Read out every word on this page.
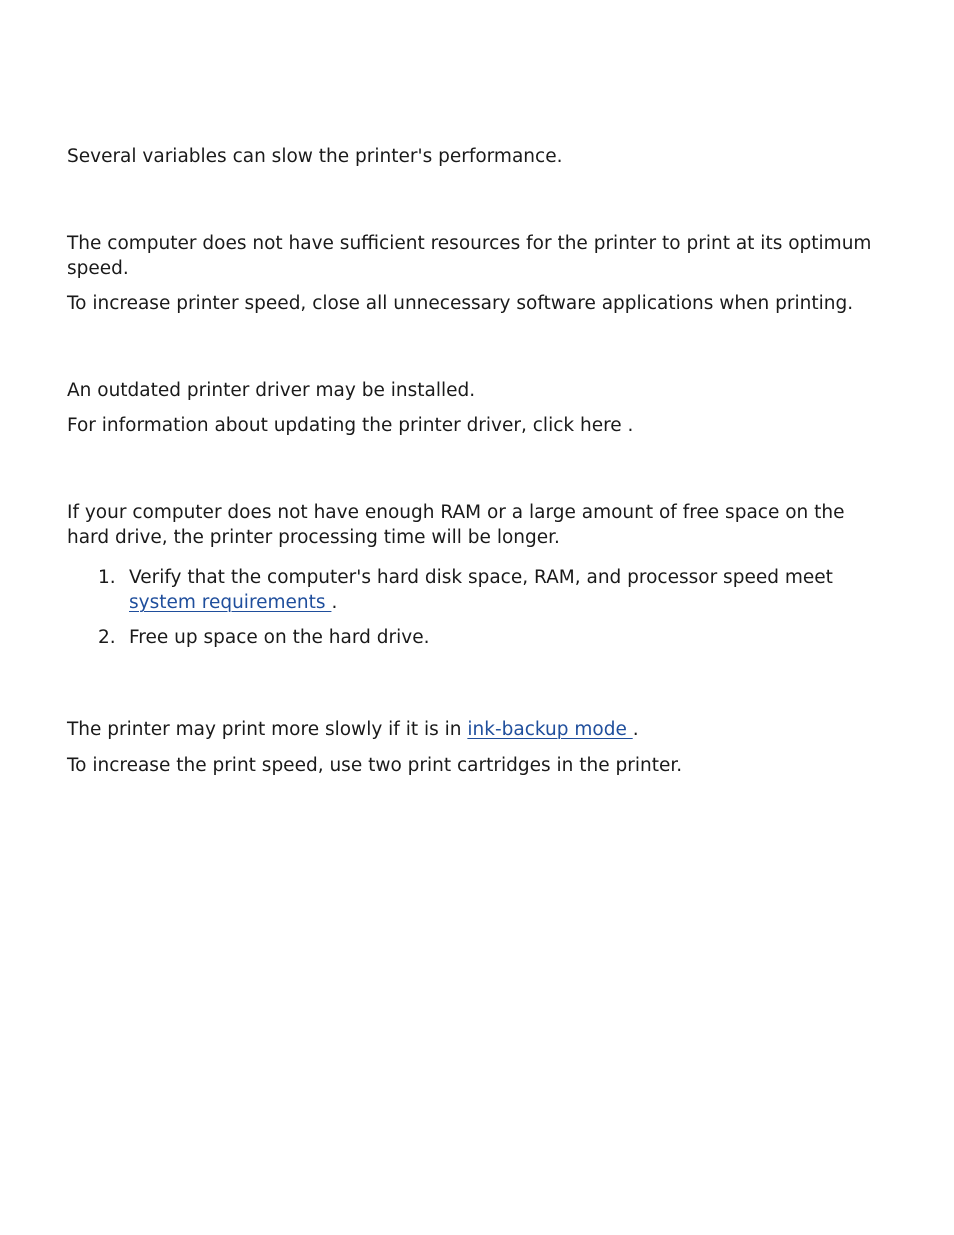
Several variables can slow the printer's performance.

The computer does not have sufficient resources for the printer to print at its optimum speed.

To increase printer speed, close all unnecessary software applications when printing.

An outdated printer driver may be installed.

For information about updating the printer driver, click here .

If your computer does not have enough RAM or a large amount of free space on the hard drive, the printer processing time will be longer.

1. Verify that the computer's hard disk space, RAM, and processor speed meet system requirements .
2. Free up space on the hard drive.

The printer may print more slowly if it is in ink-backup mode .

To increase the print speed, use two print cartridges in the printer.
